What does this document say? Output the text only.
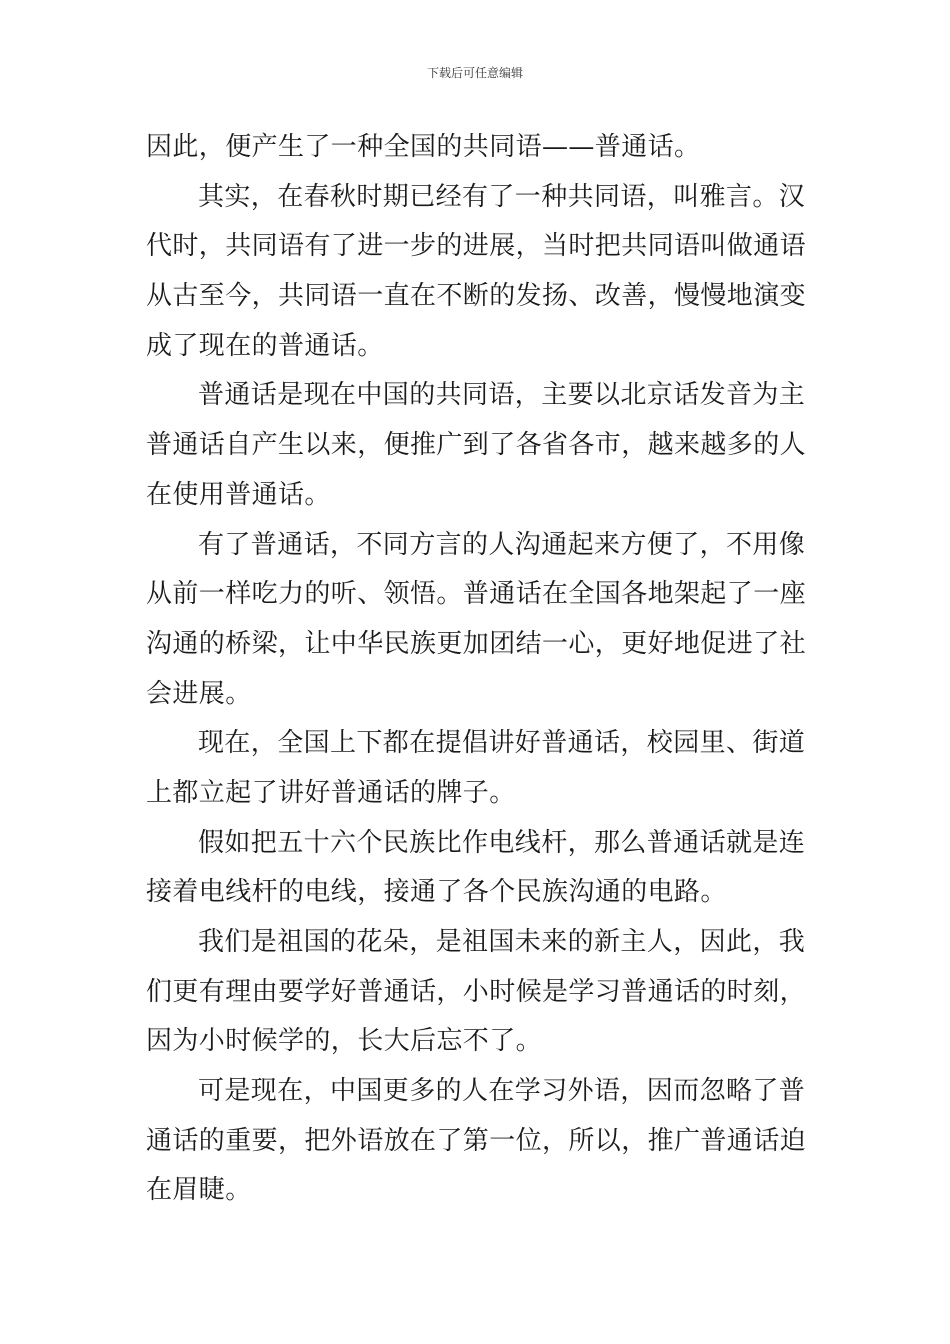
下载后可任意编辑
因此，便产生了一种全国的共同语——普通话。
其实，在春秋时期已经有了一种共同语，叫雅言。汉
代时，共同语有了进一步的进展，当时把共同语叫做通语
从古至今，共同语一直在不断的发扬、改善，慢慢地演变
成了现在的普通话。
普通话是现在中国的共同语，主要以北京话发音为主
普通话自产生以来，便推广到了各省各市，越来越多的人
在使用普通话。
有了普通话，不同方言的人沟通起来方便了，不用像
从前一样吃力的听、领悟。普通话在全国各地架起了一座
沟通的桥梁，让中华民族更加团结一心，更好地促进了社
会进展。
现在，全国上下都在提倡讲好普通话，校园里、街道
上都立起了讲好普通话的牌子。
假如把五十六个民族比作电线杆，那么普通话就是连
接着电线杆的电线，接通了各个民族沟通的电路。
我们是祖国的花朵，是祖国未来的新主人，因此，我
们更有理由要学好普通话，小时候是学习普通话的时刻，
因为小时候学的，长大后忘不了。
可是现在，中国更多的人在学习外语，因而忽略了普
通话的重要，把外语放在了第一位，所以，推广普通话迫
在眉睫。
